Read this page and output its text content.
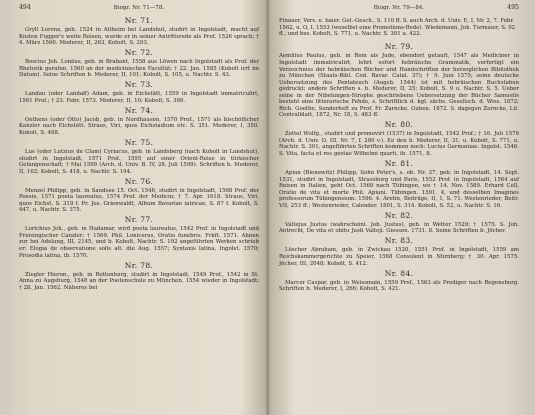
494	Biogr. Nr. 71—78.
Nr. 71.

Gryll Lorenz, geb. 1524 in Altheim bei Landshut, studirt in Ingolstadt, macht auf Kosten Fugger's weite Reisen, wurde er in seiner Antrittsrede als Prof. 1526 sprach; † 4. März 1560. Mederer, II, 263, Kobolt, S. 293.

Nr. 72.

Boscius Joh. Lonäus, geb. in Brabant, 1558 aus Löwen nach Ingolstadt als Prof. der Rhetorik gerufen, 1560 an der medicinischen Facultät; † 22. Jan. 1585 (Kobolt irrt im Datum). Seine Schriften b. Mederer, II, 101; Kobolt, S. 105, u. Nachtr. S. 43.

Nr. 73.

Landau (oder Landaff) Adam, geb. in Eichstätt, 1559 in Ingolstadt immatriculirt, 1561 Prof.; † 23. Febr. 1573. Mederer, II, 10; Kobolt, S. 389.

Nr. 74.

Oethens (oder Otto) Jacob, geb. in Nordhausen, 1570 Prof., 1571 als bischöflicher Kanzler nach Eichstätt. Straus, Viri, quos Eichstadium etc. S. 351. Mederer, I, 350. Kobolt, S. 488.

Nr. 75.

Lus (oder Lutzius de Clam) Cyriacus, geb. in Landsberg (nach Kobolt in Landshut), studirt in Ingolstadt, 1571 Prof., 1595 auf einer Orient-Reise in türkischer Gefangenschaft; † Mai 1599 (Arch. d. Univ. B. IV, 28. Juli 1599). Schriften b. Mederer, II, 162; Kobolt, S. 418, u. Nachtr. S. 194.

Nr. 76.

Menzel Philipp, geb. in Sandsee 15. Oct. 1546, studirt in Ingolstadt, 1568 Prof. der Poesie, 1571 poeta laureatus, 1574 Prof. der Medicin; † 7. Apr. 1618. Straus, Viri, quos Eichst. S. 319 f. Pr. Jos. Grienwaldt, Album Bavariae iatricae, S. 87 f. Kobolt, S. 447, u. Nachtr. S. 375.

Nr. 77.

Lorichius Joh., geb. in Hadamar, wird poeta laureatus, 1542 Prof. in Ingolstadt und Freisingischer Canzler; † 1569. Phil. Lonicerus, Oratio funebris. Frkft. 1571. Ahnen zur bei Adelung, III, 2145, und b. Kobolt, Nachtr. S. 192 angeführten Werken schrieb er: Elogia de observatione solis alt. die Aug. 1557; Syntaxis latina, Ingolst. 1570; Prosodia latina, ib. 1570.

Nr. 78.

Ziegler Hieron., geb. in Rottenburg, studirt in Ingolstadt, 1549 Prof., 1542 in St. Anna zu Augsburg, 1548 an der Poetenschule zu München, 1554 wieder in Ingolstadt; † 28. Jan. 1562. Näheres bei

Biogr. Nr. 79—84.	495

Finauer, Vers. e. baier. Gel.-Gesch., S. 110 ff. S. auch Arch. d. Univ. E, I, Nr. 2, 7. Febr. 1562, u. O, I, 1553 (woselbst eine Promotions-Rede). Wiedemann, Joh. Turmaier, S. 92 ff., und bes. Kobolt, S. 771, u. Nachtr. S. 301 u. 422.

Nr. 79.

Aemilius Paulus, geb. in Rom als Jude, ebendort getauft, 1547 als Mediciner in Ingolstadt immatriculirt, lehrt sofort hebräische Grammatik, verfertigt ein Verzeichniss der hebräischen Bücher und Handschriften der herzoglichen Bibliothek zu München (Staats-Bibl. Cod. Bavar. Catal. 37); † 9. Juni 1575; seine deutsche Uebersetzung des Pentateuch (Augsb. 1544) ist mit hebräischen Buchstaben gedruckt; andere Schriften s. b. Mederer, II, 25; Kobolt, S. 9 u. Nachtr. S. 5. Ueber seine in der Nibelungen-Strophe geschriebene Uebersetzung der Bücher Samuelis besteht eine litterarische Fehde, s. Schriftlich d. kgl. sächs. Gesellsch. d. Wiss. 1872; Rich. Goethe, Sonderheft zu Prof. Fr. Zarncke, Guben. 1872. S. dagegen Zarncke, Lit. Centralblatt, 1872, Nr. 18, S. 483 ff.

Nr. 80.

Zettel Wolfg., studirt und promovirt (1537) in Ingolstadt, 1542 Prof.; † 16. Juli 1576 (Arch. d. Univ. D, III, Nr. 7, f. 280 v.). Ee den b. Mederer, II, 31, u. Kobolt, S. 771, u. Nachtr. S. 301, angeführten Schriften kommen noch: Lucius Germaniae. Ingolst. 1546. S. Vita, facta et res gestae Wilhelmi quarti, ib. 1571, 8.

Nr. 81.

Apian (Bienewitz) Philipp, Sohn Peter's, s. ob. Nr. 37, geb. in Ingolstadt, 14. Sept. 1531, studirt in Ingolstadt, Strassburg und Paris, 1552 Prof. in Ingolstadt, 1564 auf Reisen in Italien, geht Oct. 1569 nach Tübingen, wo † 14. Nov. 1589. Erhard Cell, Oratio de vita et morte Phil. Apiani. Tübingen. 1591. 4, und desselben Imagines professorum Tübingensium. 1596. 4. Aretin, Beiträge, II, 1, S. 71. Westenrieder, Beitr. VII, 253 ff.; Westenrieder, Calender. 1801, S. 314. Kobolt, S. 52, u. Nachtr. S. 16.

Nr. 82.

Valtejus Justus (wahrscheinl. Joh. Justus), geb. in Wetter 1529; † 1575. S. Joh. Antrecht, De vita et obitu Justi Valteji. Giessen. 1731. 8. Seine Schriften b. Jöcher.

Nr. 83.

Löscher Abraham, geb. in Zwickau 1520, 1551 Prof. in Ingolstadt, 1559 am Reichskammergerichte zu Speier, 1568 Consulent in Nürnberg; † 30. Apr. 1575. Jöcher, III, 2048; Kobolt, S. 412.

Nr. 84.

Marcer Caspar, geb. in Weissmain, 1559 Prof., 1563 als Prediger nach Regensburg. Schriften b. Mederer, I, 266; Kobolt, S. 421.
